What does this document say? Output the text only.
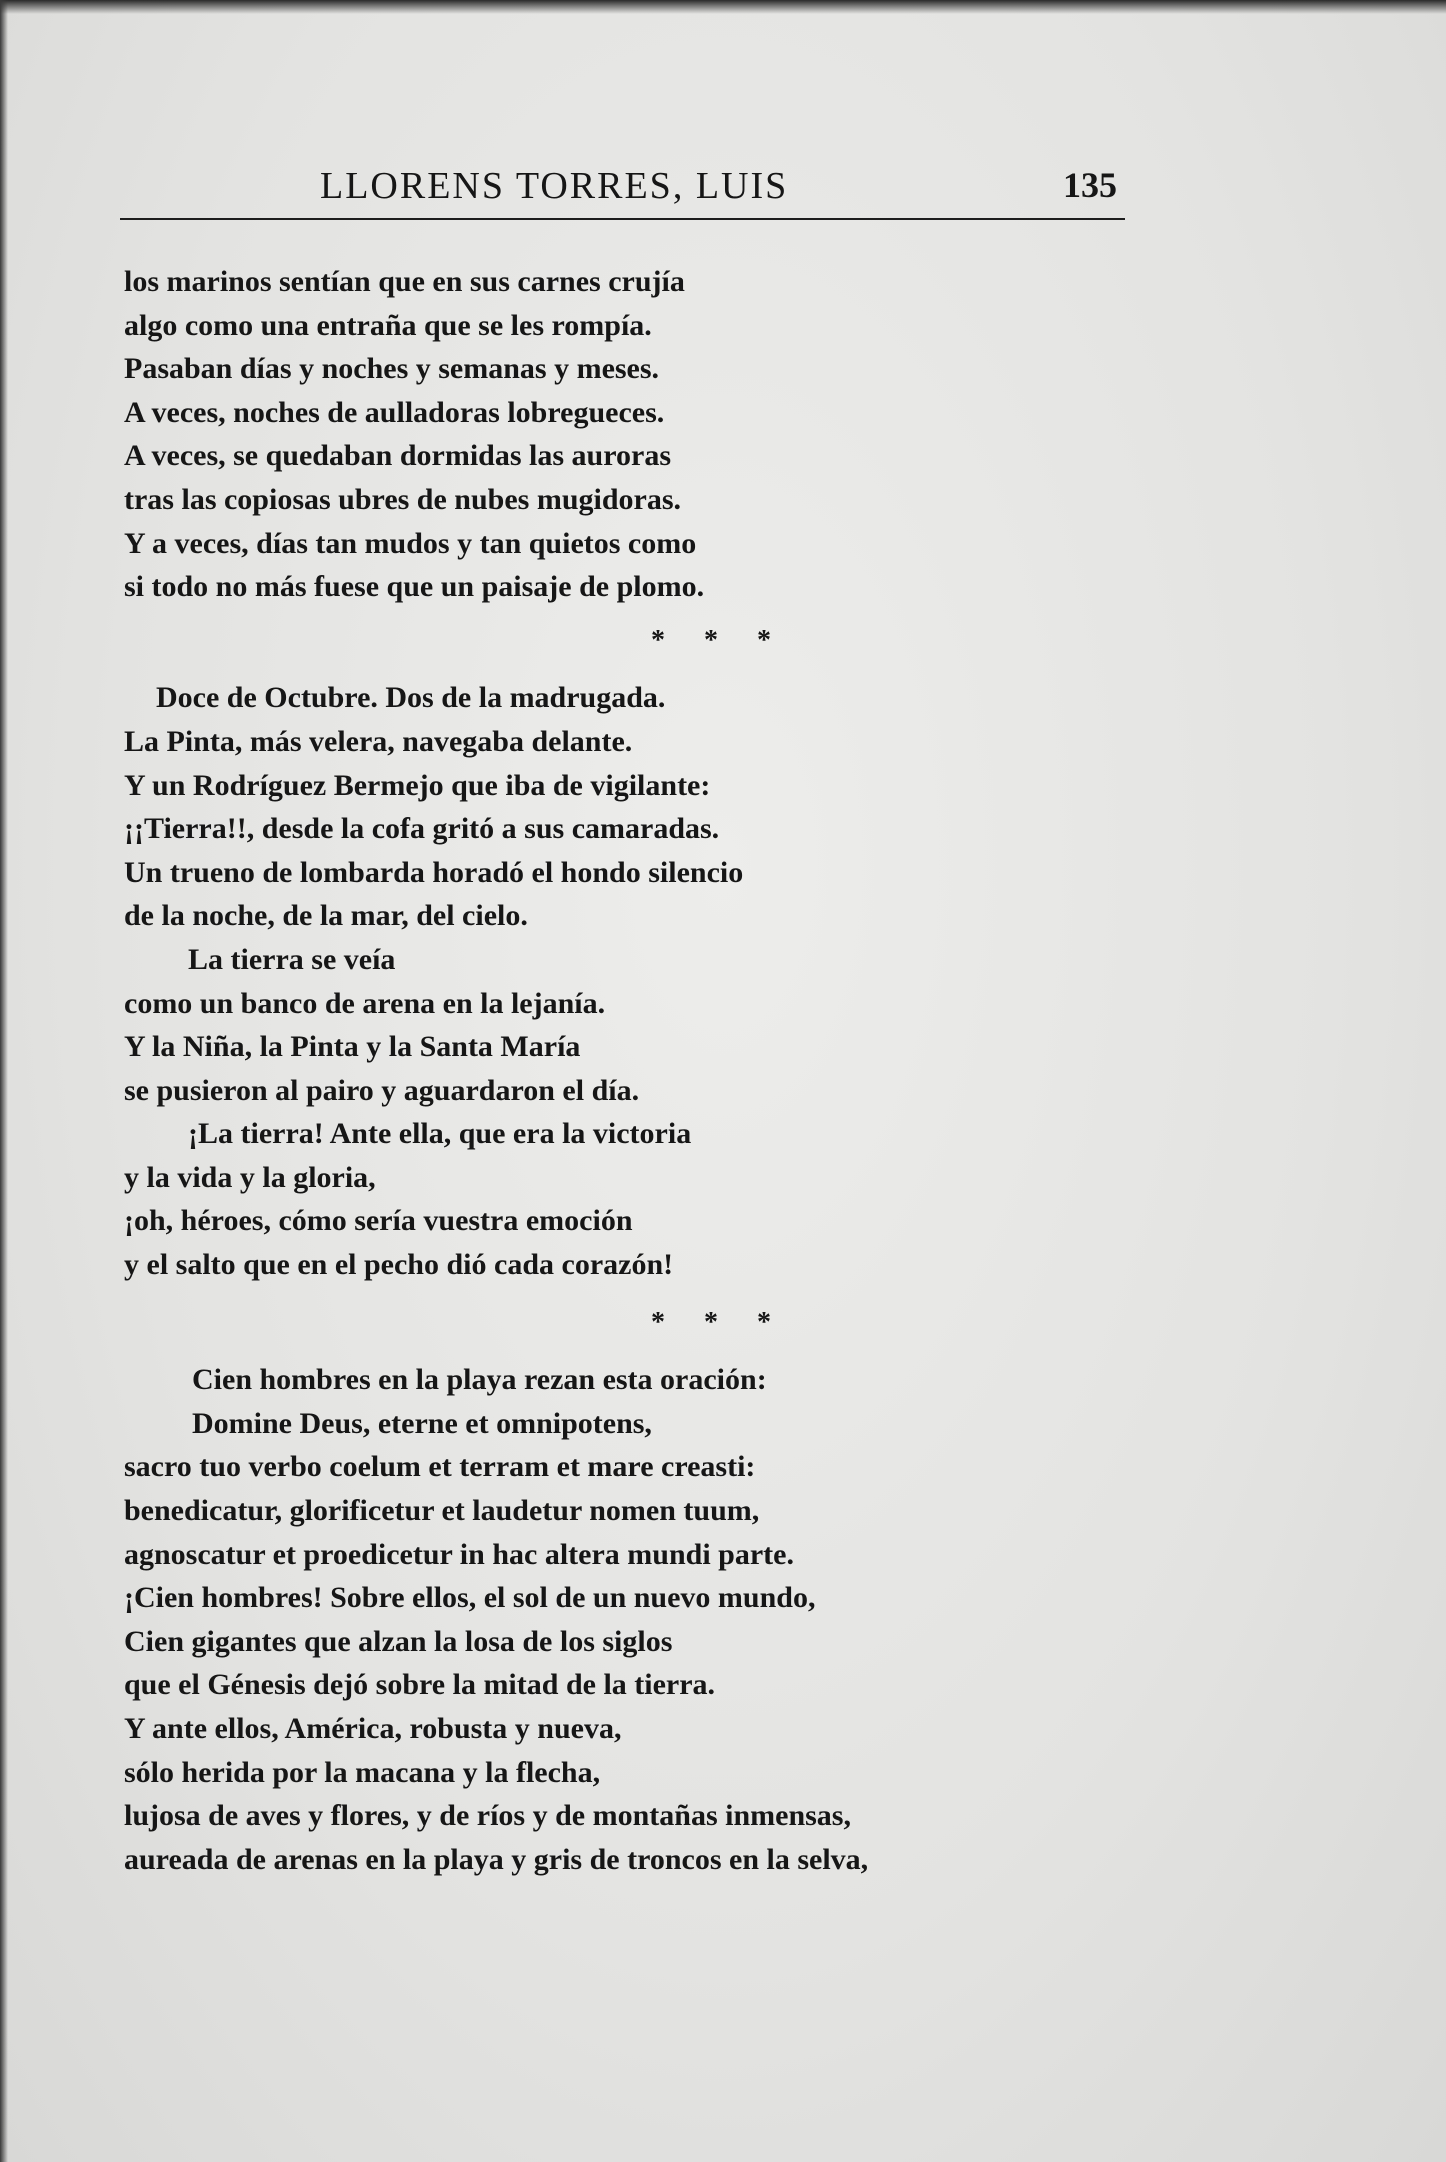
LLORENS TORRES, LUIS	135
los marinos sentían que en sus carnes crujía
algo como una entraña que se les rompía.
Pasaban días y noches y semanas y meses.
A veces, noches de aulladoras lobregueces.
A veces, se quedaban dormidas las auroras
tras las copiosas ubres de nubes mugidoras.
Y a veces, días tan mudos y tan quietos como
si todo no más fuese que un paisaje de plomo.
* * *
Doce de Octubre. Dos de la madrugada.
La Pinta, más velera, navegaba delante.
Y un Rodríguez Bermejo que iba de vigilante:
¡¡Tierra!!, desde la cofa gritó a sus camaradas.
Un trueno de lombarda horadó el hondo silencio
de la noche, de la mar, del cielo.
La tierra se veía
como un banco de arena en la lejanía.
Y la Niña, la Pinta y la Santa María
se pusieron al pairo y aguardaron el día.
¡La tierra! Ante ella, que era la victoria
y la vida y la gloria,
¡oh, héroes, cómo sería vuestra emoción
y el salto que en el pecho dió cada corazón!
* * *
Cien hombres en la playa rezan esta oración:
Domine Deus, eterne et omnipotens,
sacro tuo verbo coelum et terram et mare creasti:
benedicatur, glorificetur et laudetur nomen tuum,
agnoscatur et proedicetur in hac altera mundi parte.
¡Cien hombres! Sobre ellos, el sol de un nuevo mundo,
Cien gigantes que alzan la losa de los siglos
que el Génesis dejó sobre la mitad de la tierra.
Y ante ellos, América, robusta y nueva,
sólo herida por la macana y la flecha,
lujosa de aves y flores, y de ríos y de montañas inmensas,
aureada de arenas en la playa y gris de troncos en la selva,
